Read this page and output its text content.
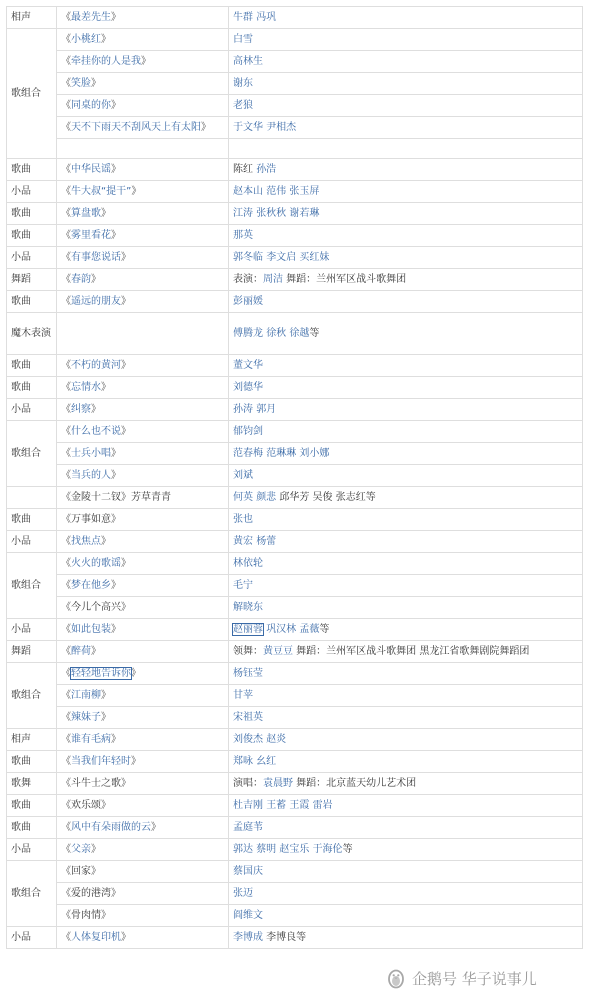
相声	《最差先生》	牛群 冯巩
歌组合	《小桃红》	白雪
	《牵挂你的人是我》	高林生
	《笑脸》	谢东
	《同桌的你》	老狼
	《天不下雨天不刮风天上有太阳》	于文华 尹相杰

歌曲	《中华民谣》	陈红 孙浩
小品	《牛大叔“提干”》	赵本山 范伟 张玉屏
歌曲	《算盘歌》	江涛 张秋秋 谢若琳
歌曲	《雾里看花》	那英
小品	《有事您说话》	郭冬临 李文启 买红妹
舞蹈	《春韵》	表演：周洁 舞蹈：兰州军区战斗歌舞团
歌曲	《遥远的朋友》	彭丽媛
魔木表演		傅腾龙 徐秋 徐越等
歌曲	《不朽的黄河》	董文华
歌曲	《忘情水》	刘德华
小品	《纠察》	孙涛 郭月
歌组合	《什么也不说》	郁钧剑
	《士兵小唱》	范春梅 范琳琳 刘小娜
	《当兵的人》	刘斌
	《金陵十二钗》芳草青青	何英 颜悲 邱华芳 吴俊 张志红等
歌曲	《万事如意》	张也
小品	《找焦点》	黄宏 杨蕾
歌组合	《火火的歌谣》	林依轮
	《梦在他乡》	毛宁
	《今儿个高兴》	解晓东
小品	《如此包装》	赵丽蓉 巩汉林 孟薇等
舞蹈	《醉荷》	领舞：黄豆豆 舞蹈：兰州军区战斗歌舞团 黑龙江省歌舞剧院舞蹈团
歌组合	《轻轻地告诉你》	杨钰莹
	《江南柳》	甘苹
	《辣妹子》	宋祖英
相声	《谁有毛病》	刘俊杰 赵炎
歌曲	《当我们年轻时》	郑咏 幺红
歌舞	《斗牛士之歌》	演唱：袁晨野 舞蹈：北京蓝天幼儿艺术团
歌曲	《欢乐颂》	杜吉刚 王蓄 王霞 雷岩
歌曲	《风中有朵雨做的云》	孟庭苇
小品	《父亲》	郭达 蔡明 赵宝乐 于海伦等
歌组合	《回家》	蔡国庆
	《爱的港湾》	张迈
	《骨肉情》	阎维文
小品	《人体复印机》	李博成 李博良等
企鹅号 华子说事儿
